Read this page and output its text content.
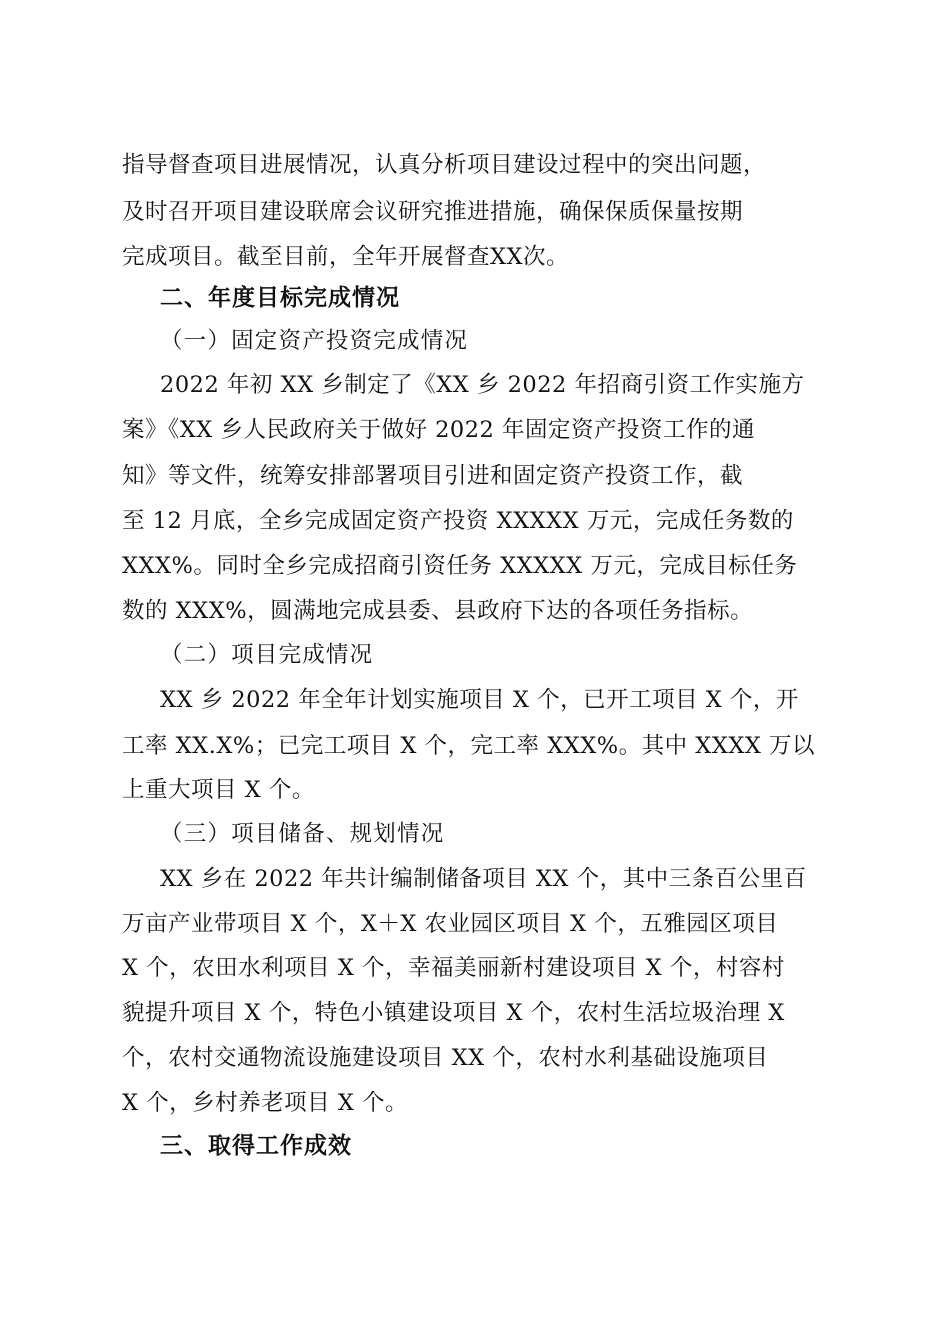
指导督查项目进展情况，认真分析项目建设过程中的突出问题，
及时召开项目建设联席会议研究推进措施，确保保质保量按期
完成项目。截至目前，全年开展督查XX次。
二、年度目标完成情况
（一）固定资产投资完成情况
2022 年初 XX 乡制定了《XX 乡 2022 年招商引资工作实施方
案》《XX 乡人民政府关于做好 2022 年固定资产投资工作的通
知》等文件，统筹安排部署项目引进和固定资产投资工作，截
至 12 月底，全乡完成固定资产投资 XXXXX 万元，完成任务数的
XXX%。同时全乡完成招商引资任务 XXXXX 万元，完成目标任务
数的 XXX%，圆满地完成县委、县政府下达的各项任务指标。
（二）项目完成情况
XX 乡 2022 年全年计划实施项目 X 个，已开工项目 X 个，开
工率 XX.X%；已完工项目 X 个，完工率 XXX%。其中 XXXX 万以
上重大项目 X 个。
（三）项目储备、规划情况
XX 乡在 2022 年共计编制储备项目 XX 个，其中三条百公里百
万亩产业带项目 X 个，X＋X 农业园区项目 X 个，五雅园区项目
X 个，农田水利项目 X 个，幸福美丽新村建设项目 X 个，村容村
貌提升项目 X 个，特色小镇建设项目 X 个，农村生活垃圾治理 X
个，农村交通物流设施建设项目 XX 个，农村水利基础设施项目
X 个，乡村养老项目 X 个。
三、取得工作成效
